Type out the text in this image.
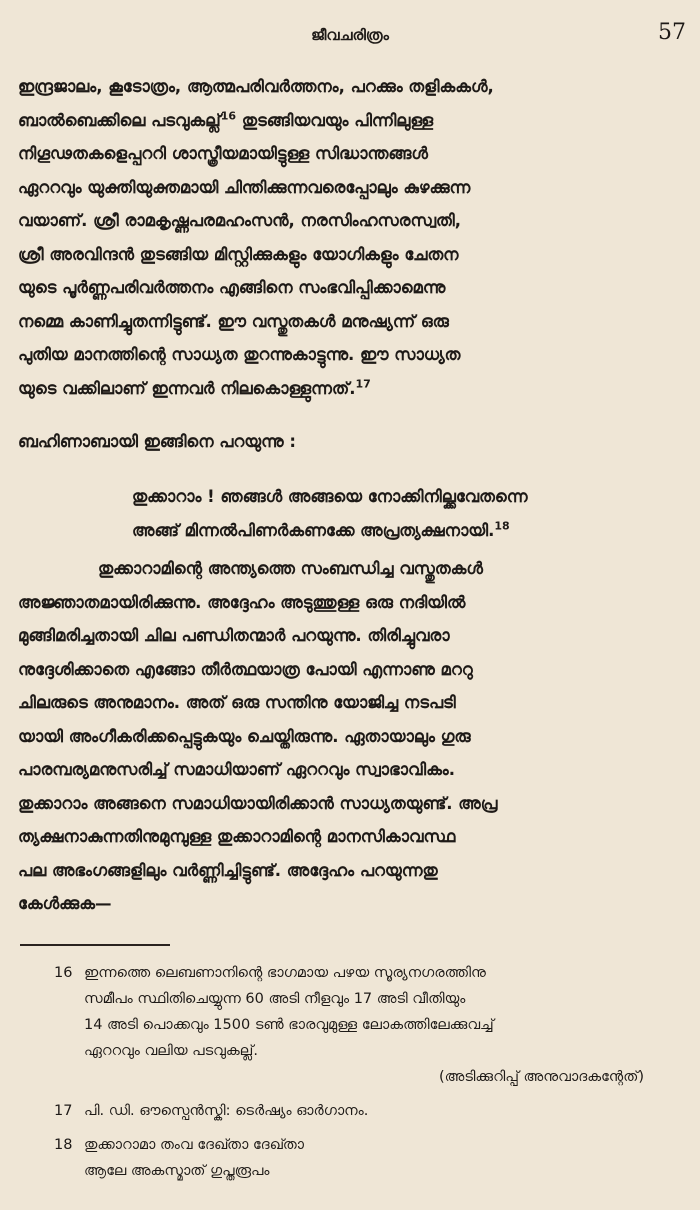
ജീവചരിത്രം	57
ഇന്ദ്രജാലം, കൂടോത്രം, ആത്മപരിവർത്തനം, പറക്കും തളികകൾ,
ബാൽബെക്കിലെ പടവുകല്ല്$^{16}$ തുടങ്ങിയവയും പിന്നിലുള്ള
നിഗൂഢതകളെപ്പററി ശാസ്ത്രീയമായിട്ടുള്ള സിദ്ധാന്തങ്ങൾ
ഏററവും യുക്തിയുക്തമായി ചിന്തിക്കുന്നവരെപ്പോലും കുഴക്കുന്ന
വയാണ്. ശ്രീ രാമകൃഷ്ണപരമഹംസൻ, നരസിംഹസരസ്വതി,
ശ്രീ അരവിന്ദൻ തുടങ്ങിയ മിസ്റ്റിക്കുകളും യോഗികളും ചേതന
യുടെ പൂർണ്ണപരിവർത്തനം എങ്ങിനെ സംഭവിപ്പിക്കാമെന്നു
നമ്മെ കാണിച്ചുതന്നിട്ടുണ്ട്. ഈ വസ്തുതകൾ മനുഷ്യന്ന് ഒരു
പുതിയ മാനത്തിന്റെ സാധ്യത തുറന്നുകാട്ടുന്നു. ഈ സാധ്യത
യുടെ വക്കിലാണ് ഇന്നവർ നിലകൊള്ളുന്നത്.$^{17}$
ബഹിണാബായി ഇങ്ങിനെ പറയുന്നു :
തുക്കാറാം ! ഞങ്ങൾ അങ്ങയെ നോക്കിനില്ക്കവേതന്നെ
അങ്ങ് മിന്നൽപിണർകണക്കേ അപ്രത്യക്ഷനായി.$^{18}$
തുക്കാറാമിന്റെ അന്ത്യത്തെ സംബന്ധിച്ച വസ്തുതകൾ
അജ്ഞാതമായിരിക്കുന്നു. അദ്ദേഹം അടുത്തുള്ള ഒരു നദിയിൽ
മുങ്ങിമരിച്ചതായി ചില പണ്ഡിതന്മാർ പറയുന്നു. തിരിച്ചുവരാ
നുദ്ദേശിക്കാതെ എങ്ങോ തീർത്ഥയാത്ര പോയി എന്നാണു മററു
ചിലരുടെ അനുമാനം. അത് ഒരു സന്തിനു യോജിച്ച നടപടി
യായി അംഗീകരിക്കപ്പെട്ടുകയും ചെയ്തിരുന്നു. ഏതായാലും ഗുരു
പാരമ്പര്യമനുസരിച്ച് സമാധിയാണ് ഏററവും സ്വാഭാവികം.
തുക്കാറാം അങ്ങനെ സമാധിയായിരിക്കാൻ സാധ്യതയുണ്ട്. അപ്ര
ത്യക്ഷനാകുന്നതിനുമുമ്പുള്ള തുക്കാറാമിന്റെ മാനസികാവസ്ഥ
പല അഭംഗങ്ങളിലും വർണ്ണിച്ചിട്ടുണ്ട്. അദ്ദേഹം പറയുന്നതു
കേൾക്കുക—
16 ഇന്നത്തെ ലെബണാനിന്റെ ഭാഗമായ പഴയ സൂര്യനഗരത്തിനു
സമീപം സ്ഥിതിചെയ്യുന്ന 60 അടി നീളവും 17 അടി വീതിയും
14 അടി പൊക്കവും 1500 ടൺ ഭാരവുമുള്ള ലോകത്തിലേക്കുവച്ച്
ഏററവും വലിയ പടവുകല്ല്.
(അടിക്കുറിപ്പ് അനുവാദകന്റേത്)
17 പി. ഡി. ഔസ്പെൻസ്കി: ടെർഷ്യം ഓർഗാനം.
18 തുക്കാറാമാ തംവ ദേഖ്താ ദേഖ്താ
ആലേ അകസ്മാത് ഗുപ്തരൂപം
